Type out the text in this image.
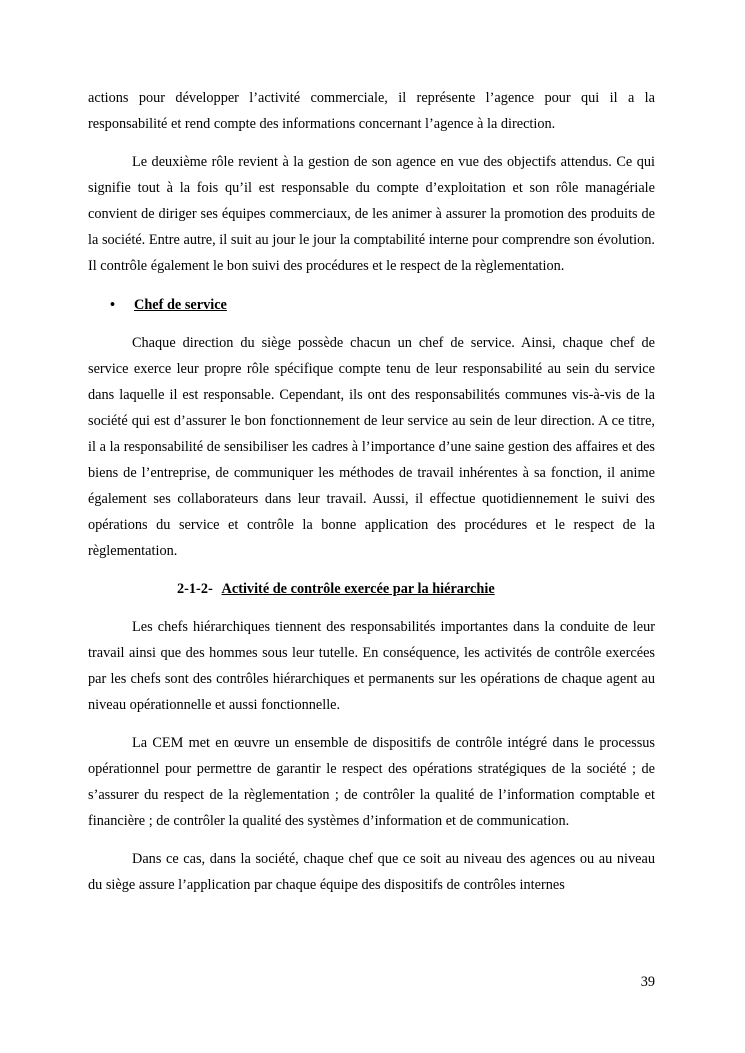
actions pour développer l’activité commerciale, il représente l’agence pour qui il a la responsabilité et rend compte des informations concernant l’agence à la direction.

Le deuxième rôle revient à la gestion de son agence en vue des objectifs attendus. Ce qui signifie tout à la fois qu’il est responsable du compte d’exploitation et son rôle managériale convient de diriger ses équipes commerciaux, de les animer à assurer la promotion des produits de la société. Entre autre, il suit au jour le jour la comptabilité interne pour comprendre son évolution. Il contrôle également le bon suivi des procédures et le respect de la règlementation.

•	Chef de service

Chaque direction du siège possède chacun un chef de service. Ainsi, chaque chef de service exerce leur propre rôle spécifique compte tenu de leur responsabilité au sein du service dans laquelle il est responsable. Cependant, ils ont des responsabilités communes vis-à-vis de la société qui est d’assurer le bon fonctionnement de leur service au sein de leur direction. A ce titre, il a la responsabilité de sensibiliser les cadres à l’importance d’une saine gestion des affaires et des biens de l’entreprise, de communiquer les méthodes de travail inhérentes à sa fonction, il anime également ses collaborateurs dans leur travail. Aussi, il effectue quotidiennement le suivi des opérations du service et contrôle la bonne application des procédures et le respect de la règlementation.

2-1-2- Activité de contrôle exercée par la hiérarchie

Les chefs hiérarchiques tiennent des responsabilités importantes dans la conduite de leur travail ainsi que des hommes sous leur tutelle. En conséquence, les activités de contrôle exercées par les chefs sont des contrôles hiérarchiques et permanents sur les opérations de chaque agent au niveau opérationnelle et aussi fonctionnelle.

La CEM met en œuvre un ensemble de dispositifs de contrôle intégré dans le processus opérationnel pour permettre de garantir le respect des opérations stratégiques de la société ; de s’assurer du respect de la règlementation ; de contrôler la qualité de l’information comptable et financière ; de contrôler la qualité des systèmes d’information et de communication.

Dans ce cas, dans la société, chaque chef que ce soit au niveau des agences ou au niveau du siège assure l’application par chaque équipe des dispositifs de contrôles internes

39
